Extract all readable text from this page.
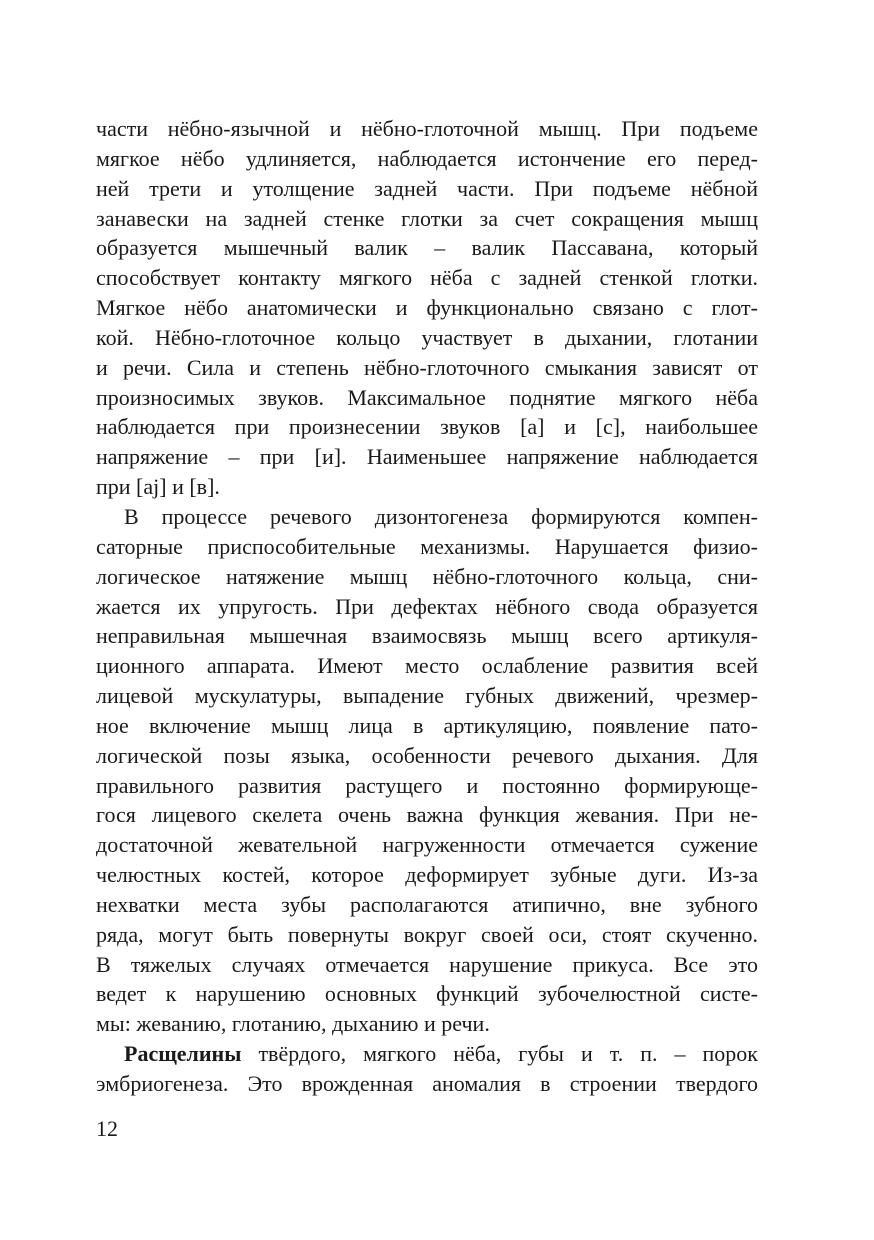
части нёбно-язычной и нёбно-глоточной мышц. При подъеме
мягкое нёбо удлиняется, наблюдается истончение его перед-
ней трети и утолщение задней части. При подъеме нёбной
занавески на задней стенке глотки за счет сокращения мышц
образуется мышечный валик – валик Пассавана, который
способствует контакту мягкого нёба с задней стенкой глотки.
Мягкое нёбо анатомически и функционально связано с глот-
кой. Нёбно-глоточное кольцо участвует в дыхании, глотании
и речи. Сила и степень нёбно-глоточного смыкания зависят от
произносимых звуков. Максимальное поднятие мягкого нёба
наблюдается при произнесении звуков [а] и [с], наибольшее
напряжение – при [и]. Наименьшее напряжение наблюдается
при [aj] и [в].
В процессе речевого дизонтогенеза формируются компен-
саторные приспособительные механизмы. Нарушается физио-
логическое натяжение мышц нёбно-глоточного кольца, сни-
жается их упругость. При дефектах нёбного свода образуется
неправильная мышечная взаимосвязь мышц всего артикуля-
ционного аппарата. Имеют место ослабление развития всей
лицевой мускулатуры, выпадение губных движений, чрезмер-
ное включение мышц лица в артикуляцию, появление пато-
логической позы языка, особенности речевого дыхания. Для
правильного развития растущего и постоянно формирующе-
гося лицевого скелета очень важна функция жевания. При не-
достаточной жевательной нагруженности отмечается сужение
челюстных костей, которое деформирует зубные дуги. Из-за
нехватки места зубы располагаются атипично, вне зубного
ряда, могут быть повернуты вокруг своей оси, стоят скученно.
В тяжелых случаях отмечается нарушение прикуса. Все это
ведет к нарушению основных функций зубочелюстной систе-
мы: жеванию, глотанию, дыханию и речи.
Расщелины твёрдого, мягкого нёба, губы и т. п. – порок
эмбриогенеза. Это врожденная аномалия в строении твердого
12
